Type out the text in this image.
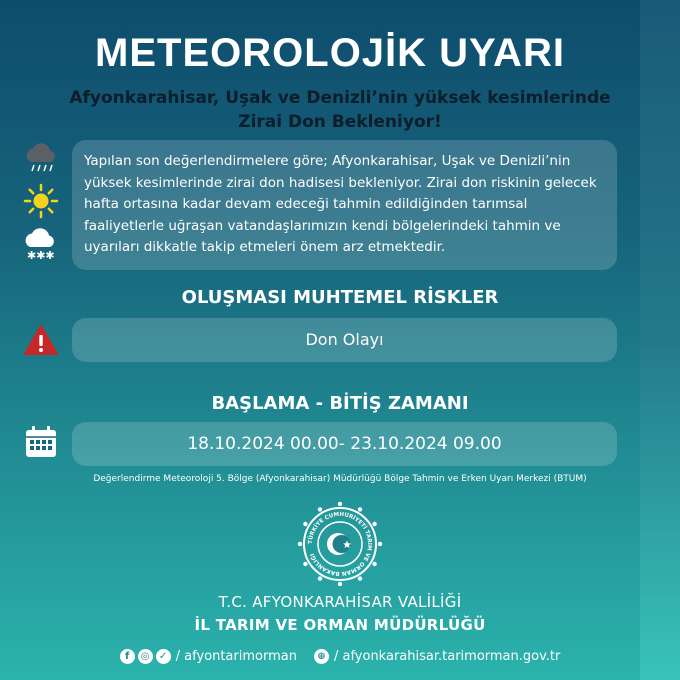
METEOROLOJİK UYARI
Afyonkarahisar, Uşak ve Denizli’nin yüksek kesimlerinde
Zirai Don Bekleniyor!
✱✱✱
Yapılan son değerlendirmelere göre; Afyonkarahisar, Uşak ve Denizli’nin yüksek kesimlerinde zirai don hadisesi bekleniyor. Zirai don riskinin gelecek hafta ortasına kadar devam edeceği tahmin edildiğinden tarımsal faaliyetlerle uğraşan vatandaşlarımızın kendi bölgelerindeki tahmin ve uyarıları dikkatle takip etmeleri önem arz etmektedir.
OLUŞMASI MUHTEMEL RİSKLER
Don Olayı
BAŞLAMA - BİTİŞ ZAMANI
18.10.2024 00.00- 23.10.2024 09.00
Değerlendirme Meteoroloji 5. Bölge (Afyonkarahisar) Müdürlüğü Bölge Tahmin ve Erken Uyarı Merkezi (BTUM)
TÜRKİYE CUMHURİYETİ TARIM VE ORMAN BAKANLIĞI
T.C. AFYONKARAHİSAR VALİLİĞİ
İL TARIM VE ORMAN MÜDÜRLÜĞÜ
f	◎ ✓ / afyontarimorman	⊕ / afyonkarahisar.tarimorman.gov.tr
